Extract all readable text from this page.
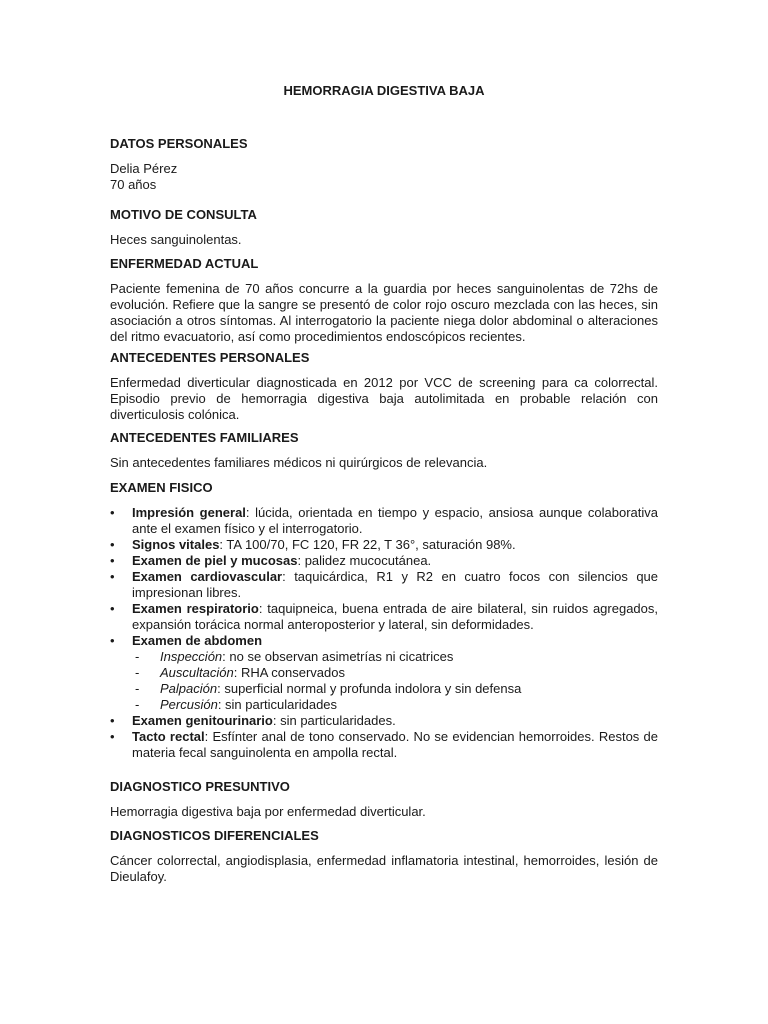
HEMORRAGIA DIGESTIVA BAJA

DATOS PERSONALES

Delia Pérez

70 años

MOTIVO DE CONSULTA

Heces sanguinolentas.

ENFERMEDAD ACTUAL

Paciente femenina de 70 años concurre a la guardia por heces sanguinolentas de 72hs de evolución. Refiere que la sangre se presentó de color rojo oscuro mezclada con las heces, sin asociación a otros síntomas. Al interrogatorio la paciente niega dolor abdominal o alteraciones del ritmo evacuatorio, así como procedimientos endoscópicos recientes.

ANTECEDENTES PERSONALES

Enfermedad diverticular diagnosticada en 2012 por VCC de screening para ca colorrectal. Episodio previo de hemorragia digestiva baja autolimitada en probable relación con diverticulosis colónica.

ANTECEDENTES FAMILIARES

Sin antecedentes familiares médicos ni quirúrgicos de relevancia.

EXAMEN FISICO

• Impresión general: lúcida, orientada en tiempo y espacio, ansiosa aunque colaborativa ante el examen físico y el interrogatorio.
• Signos vitales: TA 100/70, FC 120, FR 22, T 36°, saturación 98%.
• Examen de piel y mucosas: palidez mucocutánea.
• Examen cardiovascular: taquicárdica, R1 y R2 en cuatro focos con silencios que impresionan libres.
• Examen respiratorio: taquipneica, buena entrada de aire bilateral, sin ruidos agregados, expansión torácica normal anteroposterior y lateral, sin deformidades.
• Examen de abdomen
- Inspección: no se observan asimetrías ni cicatrices
- Auscultación: RHA conservados
- Palpación: superficial normal y profunda indolora y sin defensa
- Percusión: sin particularidades
• Examen genitourinario: sin particularidades.
• Tacto rectal: Esfínter anal de tono conservado. No se evidencian hemorroides. Restos de materia fecal sanguinolenta en ampolla rectal.

DIAGNOSTICO PRESUNTIVO

Hemorragia digestiva baja por enfermedad diverticular.

DIAGNOSTICOS DIFERENCIALES

Cáncer colorrectal, angiodisplasia, enfermedad inflamatoria intestinal, hemorroides, lesión de Dieulafoy.
